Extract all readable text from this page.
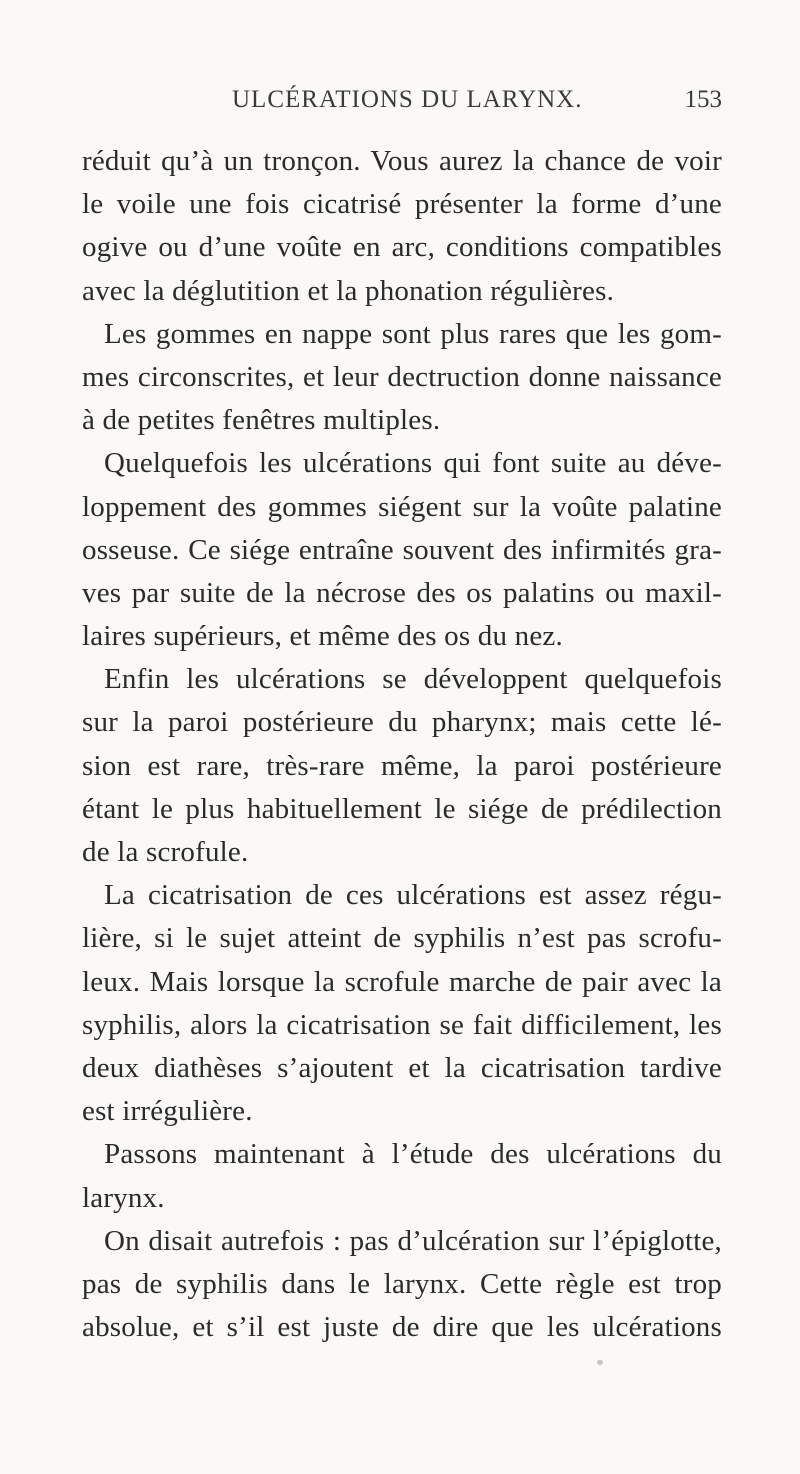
ULCÉRATIONS DU LARYNX.	153
réduit qu’à un tronçon. Vous aurez la chance de voir
le voile une fois cicatrisé présenter la forme d’une
ogive ou d’une voûte en arc, conditions compatibles
avec la déglutition et la phonation régulières.
Les gommes en nappe sont plus rares que les gom-
mes circonscrites, et leur dectruction donne naissance
à de petites fenêtres multiples.
Quelquefois les ulcérations qui font suite au déve-
loppement des gommes siégent sur la voûte palatine
osseuse. Ce siége entraîne souvent des infirmités gra-
ves par suite de la nécrose des os palatins ou maxil-
laires supérieurs, et même des os du nez.
Enfin les ulcérations se développent quelquefois
sur la paroi postérieure du pharynx; mais cette lé-
sion est rare, très-rare même, la paroi postérieure
étant le plus habituellement le siége de prédilection
de la scrofule.
La cicatrisation de ces ulcérations est assez régu-
lière, si le sujet atteint de syphilis n’est pas scrofu-
leux. Mais lorsque la scrofule marche de pair avec la
syphilis, alors la cicatrisation se fait difficilement, les
deux diathèses s’ajoutent et la cicatrisation tardive
est irrégulière.
Passons maintenant à l’étude des ulcérations du
larynx.
On disait autrefois : pas d’ulcération sur l’épiglotte,
pas de syphilis dans le larynx. Cette règle est trop
absolue, et s’il est juste de dire que les ulcérations
